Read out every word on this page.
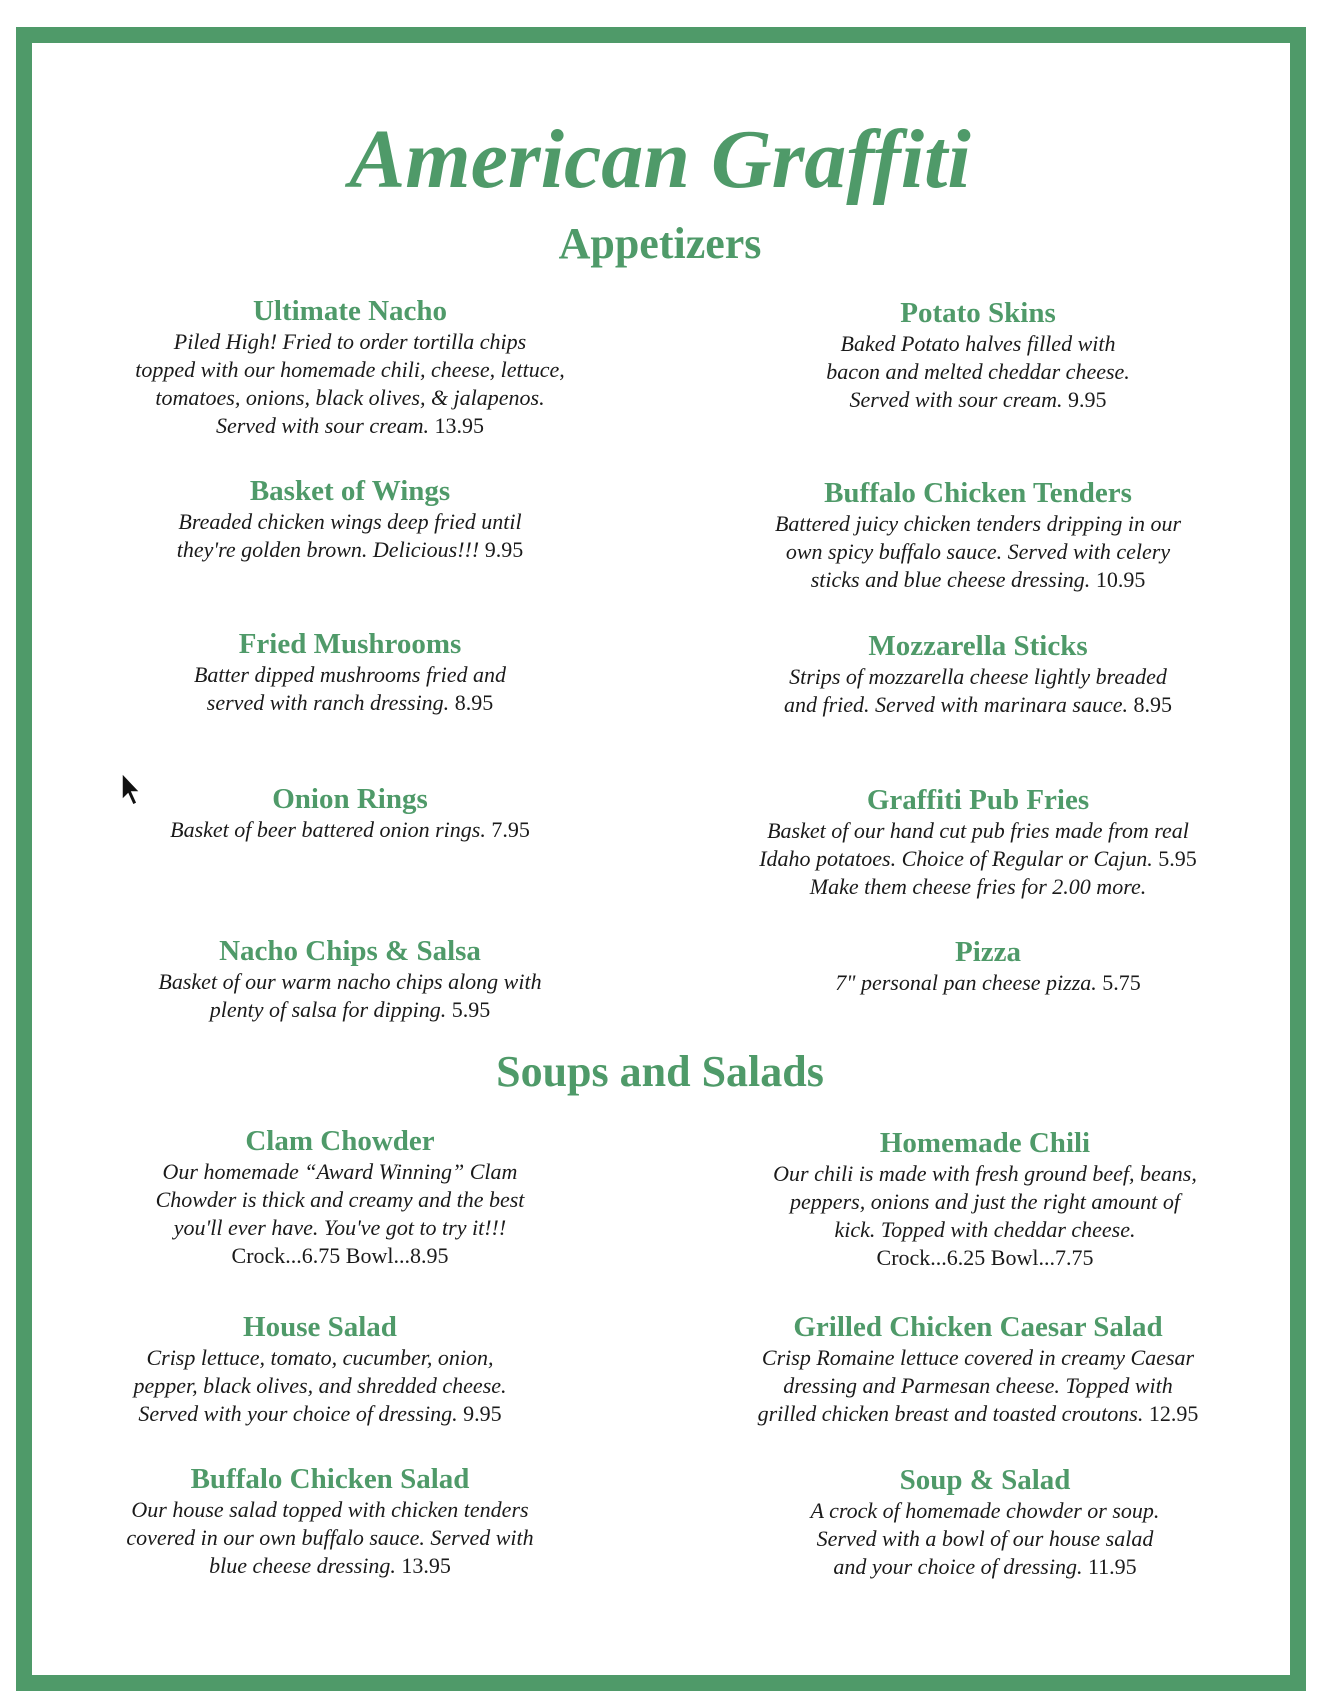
American Graffiti
Appetizers
Ultimate Nacho
Piled High! Fried to order tortilla chips
topped with our homemade chili, cheese, lettuce,
tomatoes, onions, black olives, & jalapenos.
Served with sour cream. 13.95
Potato Skins
Baked Potato halves filled with
bacon and melted cheddar cheese.
Served with sour cream. 9.95
Basket of Wings
Breaded chicken wings deep fried until
they're golden brown. Delicious!!! 9.95
Buffalo Chicken Tenders
Battered juicy chicken tenders dripping in our
own spicy buffalo sauce. Served with celery
sticks and blue cheese dressing. 10.95
Fried Mushrooms
Batter dipped mushrooms fried and
served with ranch dressing. 8.95
Mozzarella Sticks
Strips of mozzarella cheese lightly breaded
and fried. Served with marinara sauce. 8.95
Onion Rings
Basket of beer battered onion rings. 7.95
Graffiti Pub Fries
Basket of our hand cut pub fries made from real
Idaho potatoes. Choice of Regular or Cajun. 5.95
Make them cheese fries for 2.00 more.
Nacho Chips & Salsa
Basket of our warm nacho chips along with
plenty of salsa for dipping. 5.95
Pizza
7" personal pan cheese pizza. 5.75
Soups and Salads
Clam Chowder
Our homemade “Award Winning” Clam
Chowder is thick and creamy and the best
you'll ever have. You've got to try it!!!
Crock...6.75 Bowl...8.95
Homemade Chili
Our chili is made with fresh ground beef, beans,
peppers, onions and just the right amount of
kick. Topped with cheddar cheese.
Crock...6.25 Bowl...7.75
House Salad
Crisp lettuce, tomato, cucumber, onion,
pepper, black olives, and shredded cheese.
Served with your choice of dressing. 9.95
Grilled Chicken Caesar Salad
Crisp Romaine lettuce covered in creamy Caesar
dressing and Parmesan cheese. Topped with
grilled chicken breast and toasted croutons. 12.95
Buffalo Chicken Salad
Our house salad topped with chicken tenders
covered in our own buffalo sauce. Served with
blue cheese dressing. 13.95
Soup & Salad
A crock of homemade chowder or soup.
Served with a bowl of our house salad
and your choice of dressing. 11.95
